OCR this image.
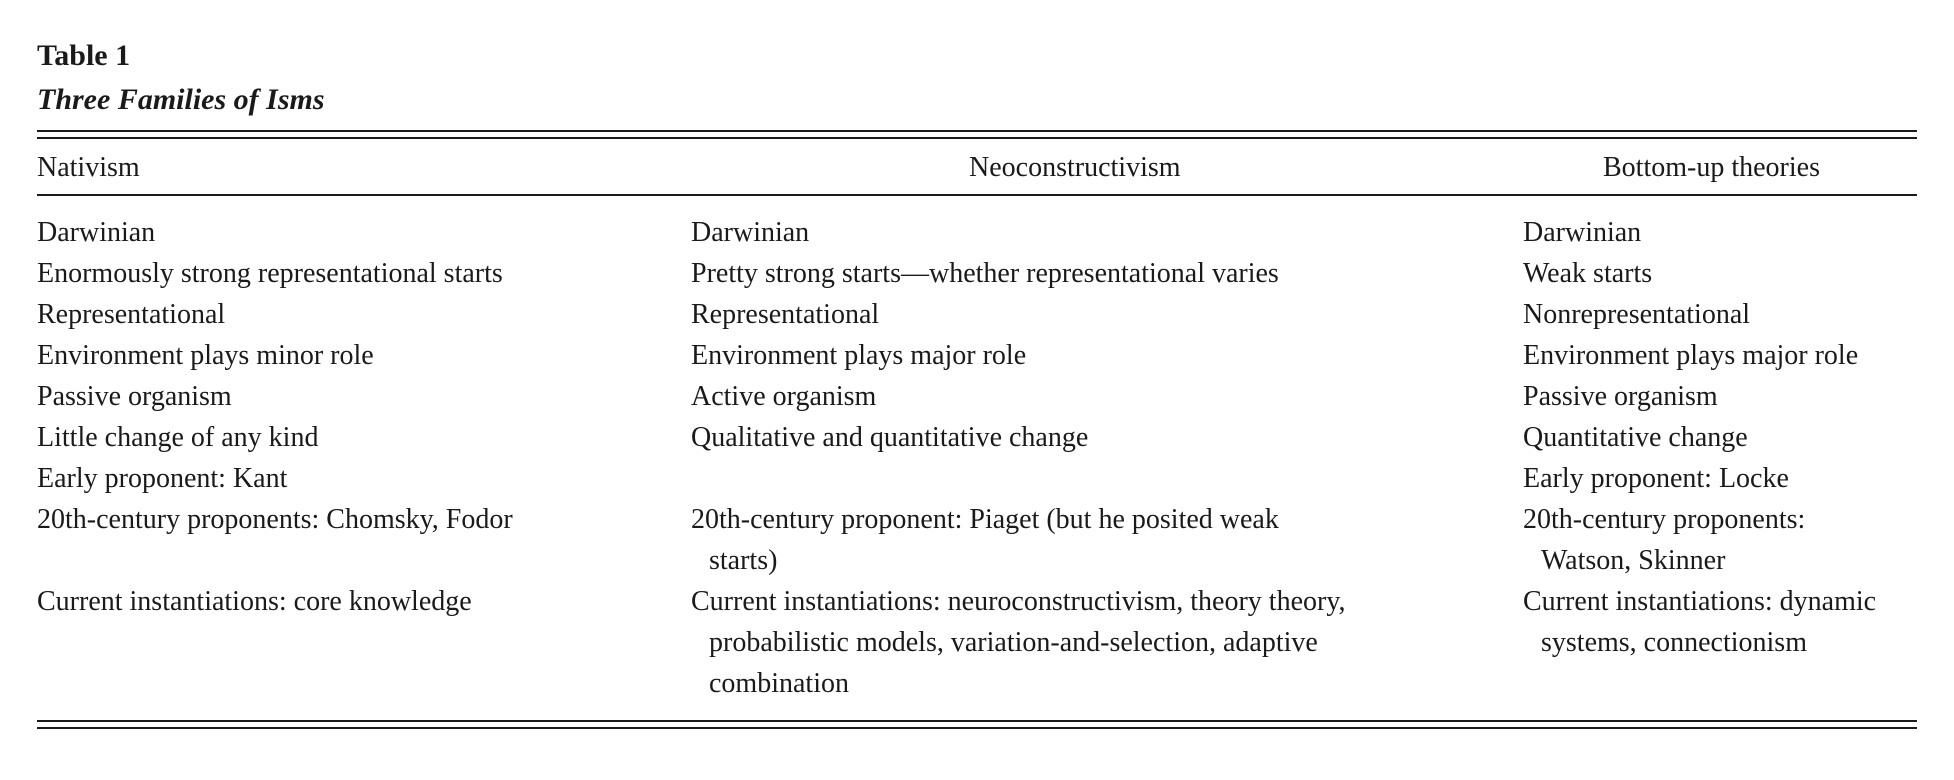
Table 1
Three Families of Isms
Nativism	Neoconstructivism	Bottom-up theories

Darwinian	Darwinian	Darwinian

Enormously strong representational starts	Pretty strong starts—whether representational varies	Weak starts

Representational	Representational	Nonrepresentational

Environment plays minor role	Environment plays major role	Environment plays major role

Passive organism	Active organism	Passive organism

Little change of any kind	Qualitative and quantitative change	Quantitative change

Early proponent: Kant		Early proponent: Locke

20th-century proponents: Chomsky, Fodor	20th-century proponent: Piaget (but he posited weak starts)	20th-century proponents: Watson, Skinner

Current instantiations: core knowledge	Current instantiations: neuroconstructivism, theory theory, probabilistic models, variation-and-selection, adaptive combination	Current instantiations: dynamic systems, connectionism
